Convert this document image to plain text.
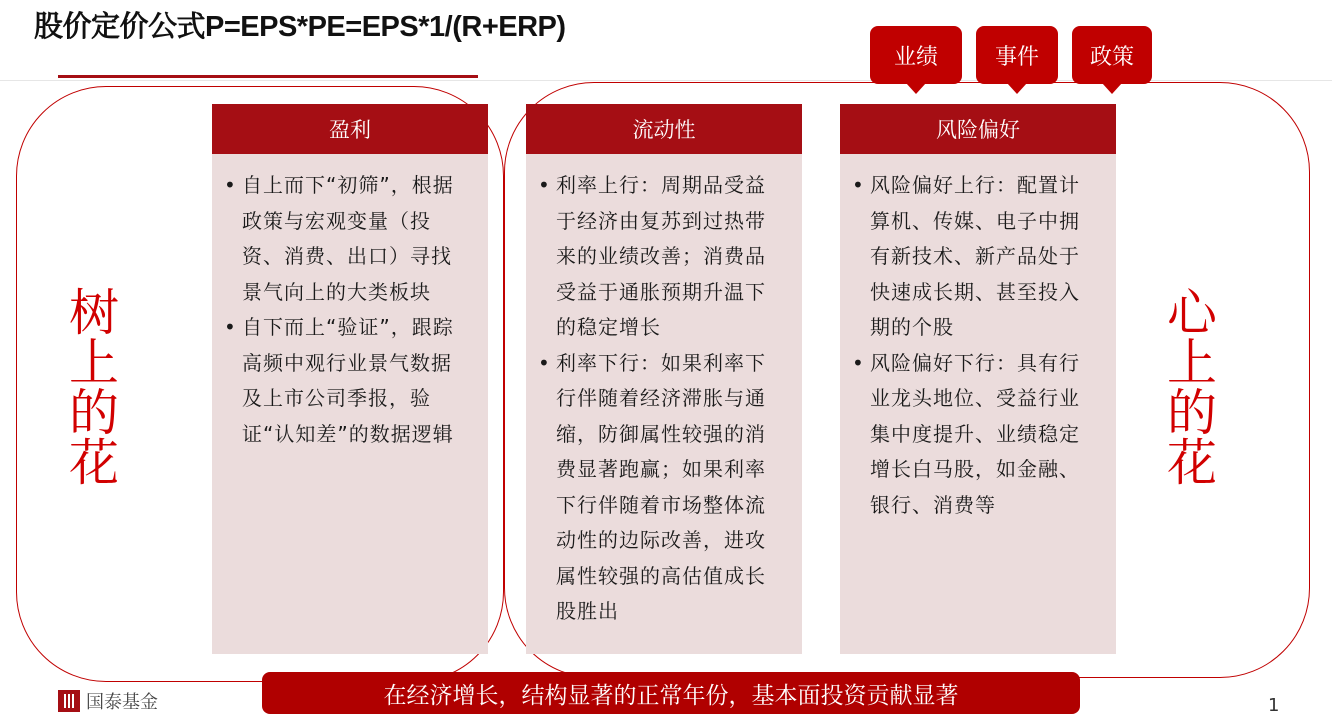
股价定价公式P=EPS*PE=EPS*1/(R+ERP)
业绩	事件	政策
树
上
的
花
心
上
的
花
盈利
• 自上而下“初筛”，根据政策与宏观变量（投资、消费、出口）寻找景气向上的大类板块
• 自下而上“验证”，跟踪高频中观行业景气数据及上市公司季报，验证“认知差”的数据逻辑
流动性
• 利率上行：周期品受益于经济由复苏到过热带来的业绩改善；消费品受益于通胀预期升温下的稳定增长
• 利率下行：如果利率下行伴随着经济滞胀与通缩，防御属性较强的消费显著跑赢；如果利率下行伴随着市场整体流动性的边际改善，进攻属性较强的高估值成长股胜出
风险偏好
• 风险偏好上行：配置计算机、传媒、电子中拥有新技术、新产品处于快速成长期、甚至投入期的个股
• 风险偏好下行：具有行业龙头地位、受益行业集中度提升、业绩稳定增长白马股，如金融、银行、消费等
在经济增长，结构显著的正常年份，基本面投资贡献显著
国泰基金	1
